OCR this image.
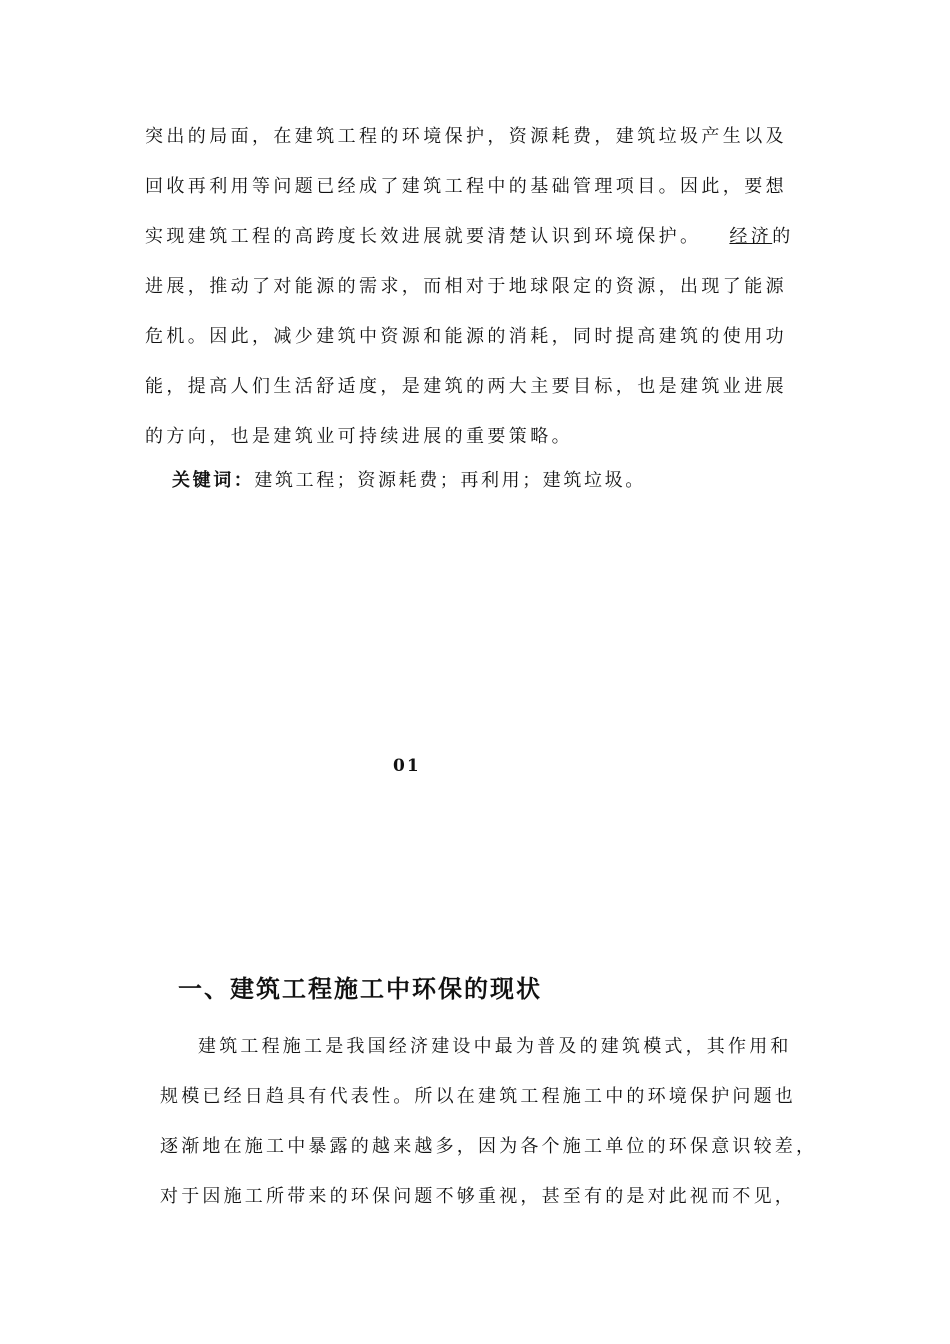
突出的局面，在建筑工程的环境保护，资源耗费，建筑垃圾产生以及
回收再利用等问题已经成了建筑工程中的基础管理项目。因此，要想
实现建筑工程的高跨度长效进展就要清楚认识到环境保护。 经济的
进展，推动了对能源的需求，而相对于地球限定的资源，出现了能源
危机。因此，减少建筑中资源和能源的消耗，同时提高建筑的使用功
能，提高人们生活舒适度，是建筑的两大主要目标，也是建筑业进展
的方向，也是建筑业可持续进展的重要策略。
关键词：建筑工程；资源耗费；再利用；建筑垃圾。
01
一、建筑工程施工中环保的现状
建筑工程施工是我国经济建设中最为普及的建筑模式，其作用和
规模已经日趋具有代表性。所以在建筑工程施工中的环境保护问题也
逐渐地在施工中暴露的越来越多，因为各个施工单位的环保意识较差，
对于因施工所带来的环保问题不够重视，甚至有的是对此视而不见，
